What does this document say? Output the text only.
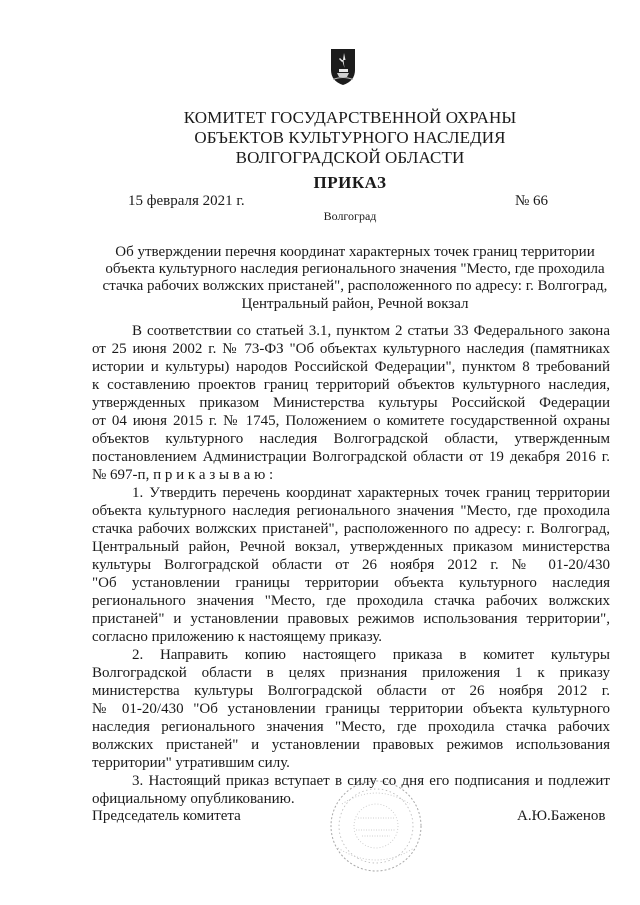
КОМИТЕТ ГОСУДАРСТВЕННОЙ ОХРАНЫ
ОБЪЕКТОВ КУЛЬТУРНОГО НАСЛЕДИЯ
ВОЛГОГРАДСКОЙ ОБЛАСТИ
ПРИКАЗ
15 февраля 2021 г.	№ 66
Волгоград
Об утверждении перечня координат характерных точек границ территории
объекта культурного наследия регионального значения "Место, где проходила
стачка рабочих волжских пристаней", расположенного по адресу: г. Волгоград,
Центральный район, Речной вокзал
В соответствии со статьей 3.1, пунктом 2 статьи 33 Федерального закона
от 25 июня 2002 г. № 73-ФЗ "Об объектах культурного наследия (памятниках
истории и культуры) народов Российской Федерации", пунктом 8 требований
к составлению проектов границ территорий объектов культурного наследия,
утвержденных приказом Министерства культуры Российской Федерации
от 04 июня 2015 г. № 1745, Положением о комитете государственной охраны
объектов культурного наследия Волгоградской области, утвержденным
постановлением Администрации Волгоградской области от 19 декабря 2016 г.
№ 697-п, п р и к а з ы в а ю :
1. Утвердить перечень координат характерных точек границ территории
объекта культурного наследия регионального значения "Место, где проходила
стачка рабочих волжских пристаней", расположенного по адресу: г. Волгоград,
Центральный район, Речной вокзал, утвержденных приказом министерства
культуры Волгоградской области от 26 ноября 2012 г. № 01-20/430
"Об установлении границы территории объекта культурного наследия
регионального значения "Место, где проходила стачка рабочих волжских
пристаней" и установлении правовых режимов использования территории",
согласно приложению к настоящему приказу.
2. Направить копию настоящего приказа в комитет культуры
Волгоградской области в целях признания приложения 1 к приказу
министерства культуры Волгоградской области от 26 ноября 2012 г.
№ 01-20/430 "Об установлении границы территории объекта культурного
наследия регионального значения "Место, где проходила стачка рабочих
волжских пристаней" и установлении правовых режимов использования
территории" утратившим силу.
3. Настоящий приказ вступает в силу со дня его подписания и подлежит
официальному опубликованию.
Председатель комитета	А.Ю.Баженов
